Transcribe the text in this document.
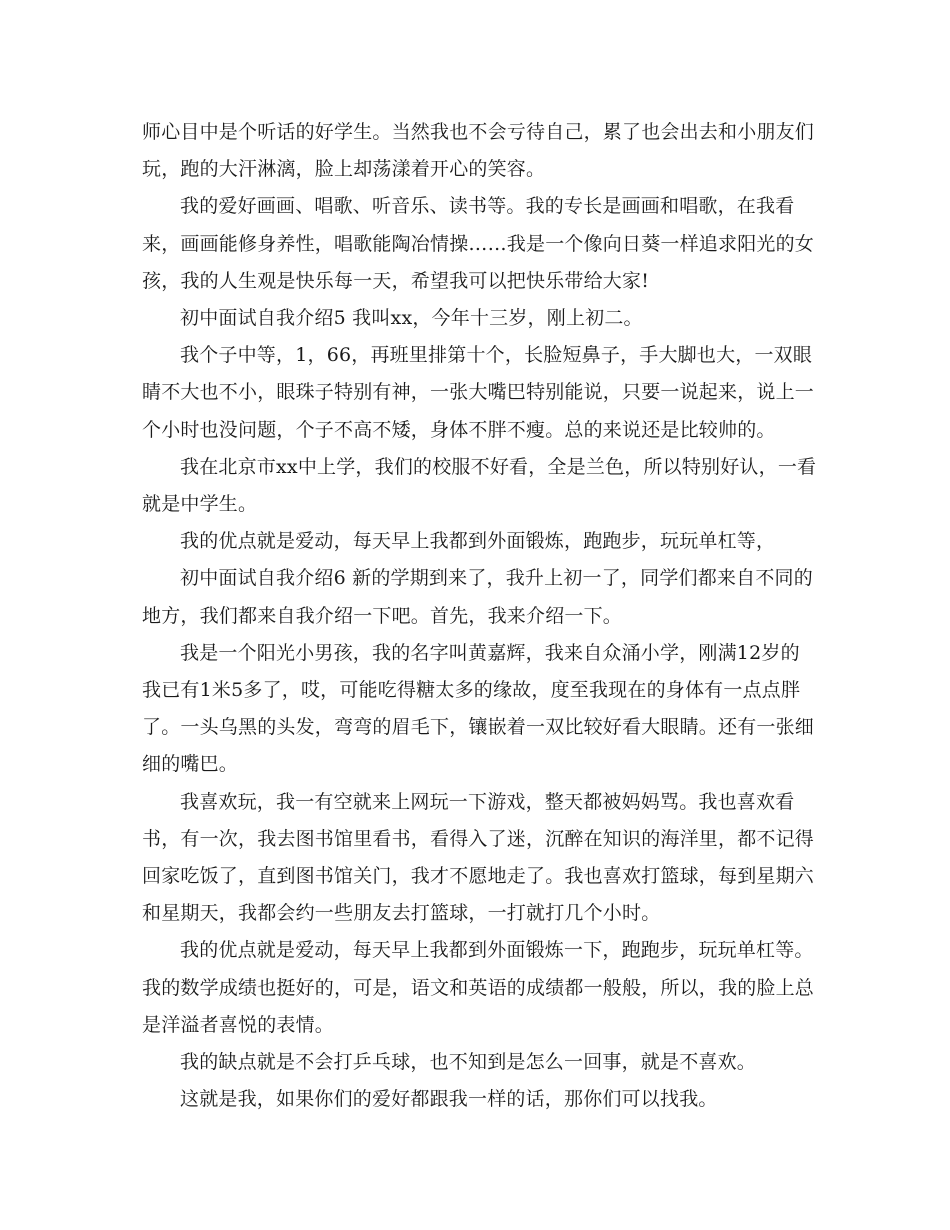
师心目中是个听话的好学生。当然我也不会亏待自己，累了也会出去和小朋友们玩，跑的大汗淋漓，脸上却荡漾着开心的笑容。

我的爱好画画、唱歌、听音乐、读书等。我的专长是画画和唱歌，在我看来，画画能修身养性，唱歌能陶冶情操……我是一个像向日葵一样追求阳光的女孩，我的人生观是快乐每一天，希望我可以把快乐带给大家!

初中面试自我介绍5 我叫xx，今年十三岁，刚上初二。

我个子中等，1，66，再班里排第十个，长脸短鼻子，手大脚也大，一双眼睛不大也不小，眼珠子特别有神，一张大嘴巴特别能说，只要一说起来，说上一个小时也没问题，个子不高不矮，身体不胖不瘦。总的来说还是比较帅的。

我在北京市xx中上学，我们的校服不好看，全是兰色，所以特别好认，一看就是中学生。

我的优点就是爱动，每天早上我都到外面锻炼，跑跑步，玩玩单杠等，

初中面试自我介绍6 新的学期到来了，我升上初一了，同学们都来自不同的地方，我们都来自我介绍一下吧。首先，我来介绍一下。

我是一个阳光小男孩，我的名字叫黄嘉辉，我来自众涌小学，刚满12岁的我已有1米5多了，哎，可能吃得糖太多的缘故，度至我现在的身体有一点点胖了。一头乌黑的头发，弯弯的眉毛下，镶嵌着一双比较好看大眼睛。还有一张细细的嘴巴。

我喜欢玩，我一有空就来上网玩一下游戏，整天都被妈妈骂。我也喜欢看书，有一次，我去图书馆里看书，看得入了迷，沉醉在知识的海洋里，都不记得回家吃饭了，直到图书馆关门，我才不愿地走了。我也喜欢打篮球，每到星期六和星期天，我都会约一些朋友去打篮球，一打就打几个小时。

我的优点就是爱动，每天早上我都到外面锻炼一下，跑跑步，玩玩单杠等。我的数学成绩也挺好的，可是，语文和英语的成绩都一般般，所以，我的脸上总是洋溢者喜悦的表情。

我的缺点就是不会打乒乓球，也不知到是怎么一回事，就是不喜欢。

这就是我，如果你们的爱好都跟我一样的话，那你们可以找我。
